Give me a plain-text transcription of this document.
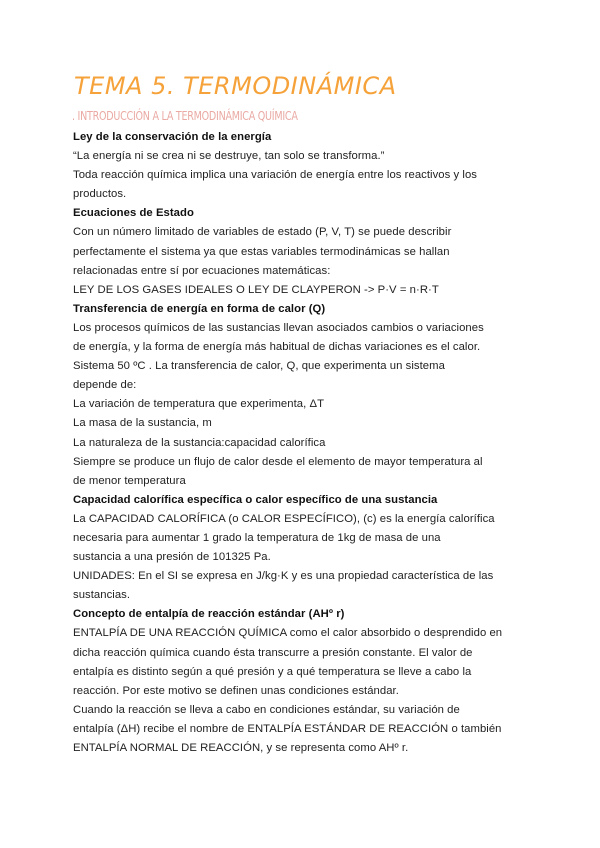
TEMA 5. TERMODINÁMICA
. INTRODUCCIÓN A LA TERMODINÁMICA QUÍMICA
Ley de la conservación de la energía
“La energía ni se crea ni se destruye, tan solo se transforma.”
Toda reacción química implica una variación de energía entre los reactivos y los
productos.
Ecuaciones de Estado
Con un número limitado de variables de estado (P, V, T) se puede describir
perfectamente el sistema ya que estas variables termodinámicas se hallan
relacionadas entre sí por ecuaciones matemáticas:
LEY DE LOS GASES IDEALES O LEY DE CLAYPERON -> P·V = n·R·T
Transferencia de energía en forma de calor (Q)
Los procesos químicos de las sustancias llevan asociados cambios o variaciones
de energía, y la forma de energía más habitual de dichas variaciones es el calor.
Sistema 50 ºC . La transferencia de calor, Q, que experimenta un sistema
depende de:
La variación de temperatura que experimenta, ΔT
La masa de la sustancia, m
La naturaleza de la sustancia:capacidad calorífica
Siempre se produce un flujo de calor desde el elemento de mayor temperatura al
de menor temperatura
Capacidad calorífica específica o calor específico de una sustancia
La CAPACIDAD CALORÍFICA (o CALOR ESPECÍFICO), (c) es la energía calorífica
necesaria para aumentar 1 grado la temperatura de 1kg de masa de una
sustancia a una presión de 101325 Pa.
UNIDADES: En el SI se expresa en J/kg·K y es una propiedad característica de las
sustancias.
Concepto de entalpía de reacción estándar (AHº r)
ENTALPÍA DE UNA REACCIÓN QUÍMICA como el calor absorbido o desprendido en
dicha reacción química cuando ésta transcurre a presión constante. El valor de
entalpía es distinto según a qué presión y a qué temperatura se lleve a cabo la
reacción. Por este motivo se definen unas condiciones estándar.
Cuando la reacción se lleva a cabo en condiciones estándar, su variación de
entalpía (ΔH) recibe el nombre de ENTALPÍA ESTÁNDAR DE REACCIÓN o también
ENTALPÍA NORMAL DE REACCIÓN, y se representa como AHº r.
